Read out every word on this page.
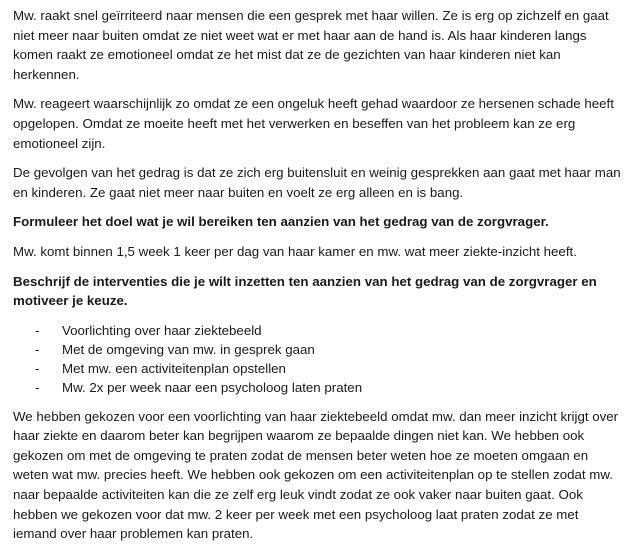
Mw. raakt snel geïrriteerd naar mensen die een gesprek met haar willen. Ze is erg op zichzelf en gaat niet meer naar buiten omdat ze niet weet wat er met haar aan de hand is. Als haar kinderen langs komen raakt ze emotioneel omdat ze het mist dat ze de gezichten van haar kinderen niet kan herkennen.

Mw. reageert waarschijnlijk zo omdat ze een ongeluk heeft gehad waardoor ze hersenen schade heeft opgelopen. Omdat ze moeite heeft met het verwerken en beseffen van het probleem kan ze erg emotioneel zijn.

De gevolgen van het gedrag is dat ze zich erg buitensluit en weinig gesprekken aan gaat met haar man en kinderen. Ze gaat niet meer naar buiten en voelt ze erg alleen en is bang.

Formuleer het doel wat je wil bereiken ten aanzien van het gedrag van de zorgvrager.

Mw. komt binnen 1,5 week 1 keer per dag van haar kamer en mw. wat meer ziekte-inzicht heeft.

Beschrijf de interventies die je wilt inzetten ten aanzien van het gedrag van de zorgvrager en motiveer je keuze.

- Voorlichting over haar ziektebeeld
- Met de omgeving van mw. in gesprek gaan
- Met mw. een activiteitenplan opstellen
- Mw. 2x per week naar een psycholoog laten praten

We hebben gekozen voor een voorlichting van haar ziektebeeld omdat mw. dan meer inzicht krijgt over haar ziekte en daarom beter kan begrijpen waarom ze bepaalde dingen niet kan. We hebben ook gekozen om met de omgeving te praten zodat de mensen beter weten hoe ze moeten omgaan en weten wat mw. precies heeft. We hebben ook gekozen om een activiteitenplan op te stellen zodat mw. naar bepaalde activiteiten kan die ze zelf erg leuk vindt zodat ze ook vaker naar buiten gaat. Ook hebben we gekozen voor dat mw. 2 keer per week met een psycholoog laat praten zodat ze met iemand over haar problemen kan praten.
